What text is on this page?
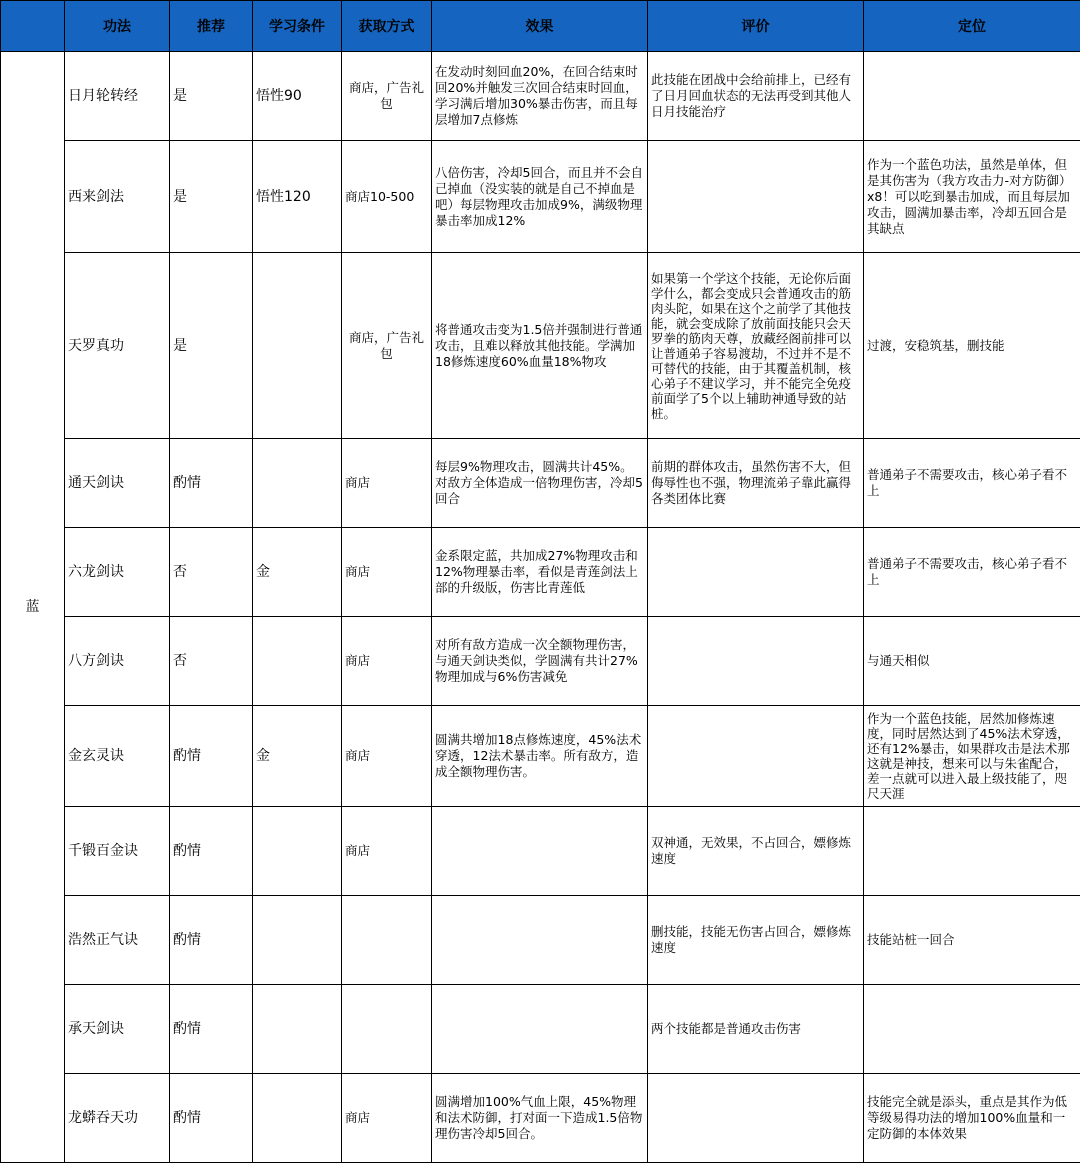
	功法	推荐	学习条件	获取方式	效果	评价	定位
蓝	日月轮转经	是	悟性90	商店，广告礼包	在发动时刻回血20%，在回合结束时回20%并触发三次回合结束时回血，学习满后增加30%暴击伤害，而且每层增加7点修炼	此技能在团战中会给前排上，已经有了日月回血状态的无法再受到其他人日月技能治疗	
	西来剑法	是	悟性120	商店10-500	八倍伤害，冷却5回合，而且并不会自己掉血（没实装的就是自己不掉血是吧）每层物理攻击加成9%，满级物理暴击率加成12%		作为一个蓝色功法，虽然是单体，但是其伤害为（我方攻击力-对方防御）x8！可以吃到暴击加成，而且每层加攻击，圆满加暴击率，冷却五回合是其缺点
	天罗真功	是		商店，广告礼包	将普通攻击变为1.5倍并强制进行普通攻击，且难以释放其他技能。学满加18修炼速度60%血量18%物攻	如果第一个学这个技能，无论你后面学什么，都会变成只会普通攻击的筋肉头陀，如果在这个之前学了其他技能，就会变成除了放前面技能只会天罗拳的筋肉天尊，放藏经阁前排可以让普通弟子容易渡劫，不过并不是不可替代的技能，由于其覆盖机制，核心弟子不建议学习，并不能完全免疫前面学了5个以上辅助神通导致的站桩。	过渡，安稳筑基，删技能
	通天剑诀	酌情		商店	每层9%物理攻击，圆满共计45%。对敌方全体造成一倍物理伤害，冷却5回合	前期的群体攻击，虽然伤害不大，但侮辱性也不强，物理流弟子靠此赢得各类团体比赛	普通弟子不需要攻击，核心弟子看不上
	六龙剑诀	否	金	商店	金系限定蓝，共加成27%物理攻击和12%物理暴击率，看似是青莲剑法上部的升级版，伤害比青莲低		普通弟子不需要攻击，核心弟子看不上
	八方剑诀	否		商店	对所有敌方造成一次全额物理伤害，与通天剑诀类似，学圆满有共计27%物理加成与6%伤害减免		与通天相似
	金玄灵诀	酌情	金	商店	圆满共增加18点修炼速度，45%法术穿透，12法术暴击率。所有敌方，造成全额物理伤害。		作为一个蓝色技能，居然加修炼速度，同时居然达到了45%法术穿透，还有12%暴击，如果群攻击是法术那这就是神技，想来可以与朱雀配合，差一点就可以进入最上级技能了，咫尺天涯
	千锻百金诀	酌情		商店		双神通，无效果，不占回合，嫖修炼速度	
	浩然正气诀	酌情				删技能，技能无伤害占回合，嫖修炼速度	技能站桩一回合
	承天剑诀	酌情				两个技能都是普通攻击伤害	
	龙蟒吞天功	酌情		商店	圆满增加100%气血上限，45%物理和法术防御，打对面一下造成1.5倍物理伤害冷却5回合。		技能完全就是添头，重点是其作为低等级易得功法的增加100%血量和一定防御的本体效果
